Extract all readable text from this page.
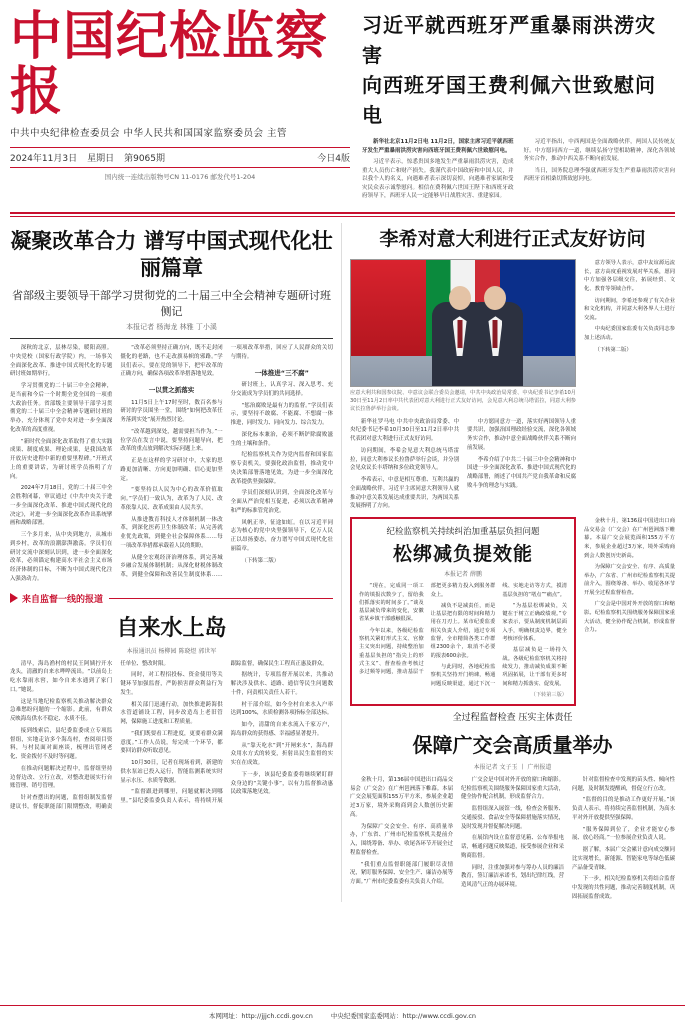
中国纪检监察报
中共中央纪律检查委员会 中华人民共和国国家监察委员会 主管
2024年11月3日 星期日 第9065期	今日4版
国内统一连续出版物号CN 11-0176 邮发代号1-204
习近平就西班牙严重暴雨洪涝灾害
向西班牙国王费利佩六世致慰问电

新华社北京11月2日电 11月2日，国家主席习近平就西班牙发生严重暴雨洪涝灾害向西班牙国王费利佩六世致慰问电。

习近平表示，惊悉贵国多地发生严重暴雨洪涝灾害，造成重大人员伤亡和财产损失。我谨代表中国政府和中国人民，并以我个人的名义，向遇难者表示深切哀悼，向遇难者家属和受灾民众表示诚挚慰问。相信在费利佩六世国王陛下和西班牙政府领导下，西班牙人民一定能够早日战胜灾害、重建家园。

习近平指出，中西两国是全面战略伙伴，两国人民传统友好。中方愿同西方一道，继续弘扬守望相助精神，深化各领域务实合作，推动中西关系不断向前发展。

当日，国务院总理李强就西班牙发生严重暴雨洪涝灾害向西班牙首相桑切斯致慰问电。

凝聚改革合力 谱写中国式现代化壮丽篇章
省部级主要领导干部学习贯彻党的二十届三中全会精神专题研讨班侧记
本报记者 杨海龙 林雅 丁小溪

深秋的北京，层林尽染，暖阳高照。中央党校（国家行政学院）内，一场事关全面深化改革、推进中国式现代化的专题研讨班如期举行。

学习贯彻党的二十届三中全会精神，是当前和今后一个时期全党全国的一项重大政治任务。省部级主要领导干部学习贯彻党的二十届三中全会精神专题研讨班的举办，充分体现了党中央对进一步全面深化改革的高度重视。

“新时代全面深化改革取得了重大实践成果、制度成果、理论成果，是我国改革开放历史进程中新的重要里程碑。”开班式上的重要讲话，为研讨班学员指明了方向。

2024年7月18日，党的二十届三中全会胜利闭幕，审议通过《中共中央关于进一步全面深化改革、推进中国式现代化的决定》，对进一步全面深化改革作出系统擘画和战略部署。

三个多月来，从中央到地方，从城市到乡村，改革的浪潮澎湃激荡。学员们在研讨交流中深刻认识到，进一步全面深化改革，必须锚定构建高水平社会主义市场经济体制的目标，不断为中国式现代化注入强劲动力。

“改革必须坚持正确方向，既不走封闭僵化的老路，也不走改旗易帜的邪路。”学员们表示，要在党的领导下，把牢改革的正确方向，确保各项改革举措落地见效。

一以贯之抓落实

11月5日上午17时至时，数百名参与研讨的学员围坐一堂，围绕“如何把改革任务落到实处”展开热烈讨论。

“改革越到深处，越需要担当作为。”一位学员在发言中说，要坚持问题导向，把改革的重点放到解决实际问题上来。

正是在这样的学习研讨中，大家的思路更加清晰、方向更加明确、信心更加坚定。

“要坚持以人民为中心的改革价值取向。”学员们一致认为，改革为了人民、改革依靠人民、改革成果由人民共享。

从推进教育科技人才体制机制一体改革，到深化医药卫生体制改革；从完善就业优先政策，到健全社会保障体系……每一项改革举措都承载着人民的期盼。

从健全宏观经济治理体系，到完善城乡融合发展体制机制；从深化财税体制改革，到健全保障和改善民生制度体系……一项项改革举措，回应了人民群众的关切与期待。

一体推进“三不腐”

研讨班上，认真学习、深入思考、充分交流成为学员们的共同选择。

“惩治腐败是最有力的监督。”学员们表示，要坚持不敢腐、不能腐、不想腐一体推进，同时发力、同向发力、综合发力。

深化标本兼治，必须不断铲除腐败滋生的土壤和条件。

纪检监察机关作为党内监督和国家监察专责机关，要强化政治监督，推动党中央决策部署落地见效，为进一步全面深化改革提供坚强保障。

学员们深刻认识到，全面深化改革与全面从严治党相互促进，必须以改革精神和严的标准管党治党。

风帆正举，征途如虹。在以习近平同志为核心的党中央坚强领导下，亿万人民正以昂扬姿态，奋力谱写中国式现代化壮丽篇章。

（下转第二版）

来自监督一线的报道
自来水上岛
本报通讯员 杨柳园 陈晓煜 郭世军

清早，海岛渔村的村民王阿姨拧开水龙头，清澈的自来水哗哗流出。“以前岛上吃水靠雨水窖，如今自来水通到了家门口。”她说。

这是当地纪检监察机关推动解决群众急难愁盼问题的一个缩影。此前，有群众反映海岛供水不稳定、水质不佳。

接到线索后，县纪委监委成立专项监督组，实地走访多个海岛村，查阅项目资料，与村民面对面座谈，梳理出管网老化、资金拨付不及时等问题。

在推动问题解决过程中，监督组坚持边督边改、立行立改，对整改进展实行台账管理、销号管理。

针对查摆出的问题，监督组制发监督建议书，督促职能部门限期整改，明确责任单位、整改时限。

同时，对工程招投标、资金使用等关键环节加强监督，严防损害群众利益行为发生。

相关部门迅速行动，加快推进跨海供水管道铺设工程，同步改造岛上老旧管网，保障施工进度和工程质量。

“我们既要看工程进度，更要看群众满意度。”工作人员说，每完成一个环节，都要回访群众听取意见。

10月30日，记者在现场看到，新建的供水泵站已投入运行，智能监测系统实时显示水压、水质等数据。

“监督跟进到哪里，问题就解决到哪里。”县纪委监委负责人表示，将持续开展跟踪监督，确保民生工程真正惠及群众。

据统计，专项监督开展以来，共推动解决涉及供水、道路、通信等民生问题数十件，问责相关责任人若干。

村干部介绍，如今全村自来水入户率达到100%，水质检测各项指标全部达标。

如今，清甜的自来水流入千家万户，海岛群众的获得感、幸福感显著提升。

从“靠天吃水”到“开闸来水”，海岛群众用水方式的转变，折射出民生监督的实实在在成效。

下一步，该县纪委监委将继续紧盯群众身边的“关键小事”，以有力监督推动惠民政策落地见效。

李希对意大利进行正式友好访问
应意大利共和国参议院、中意议会联合委员会邀请，中共中央政治局常委、中央纪委书记李希10月30日至11月2日率中共代表团对意大利进行正式友好访问，会见意大利总统马塔雷拉，同意大利参议长拉鲁萨举行会谈。

新华社罗马电 中共中央政治局常委、中央纪委书记李希10月30日至11月2日率中共代表团对意大利进行正式友好访问。

访问期间，李希会见意大利总统马塔雷拉，同意大利参议长拉鲁萨举行会谈，并分别会见众议长丰塔纳和多位政党领导人。

李希表示，中意是相互尊重、互利共赢的全面战略伙伴。习近平主席同意大利领导人就推动中意关系发展达成重要共识，为两国关系发展指明了方向。

中方愿同意方一道，落实好两国领导人重要共识，加强治国理政经验交流，深化各领域务实合作，推动中意全面战略伙伴关系不断向前发展。

李希介绍了中共二十届三中全会精神和中国进一步全面深化改革、推进中国式现代化的战略部署，阐述了中国共产党自我革命和反腐败斗争的理念与实践。

意方领导人表示，意中友谊源远流长，意方高度重视发展对华关系，愿同中方加强各层级交往，拓展经贸、文化、教育等领域合作。

访问期间，李希还参观了有关企业和文化机构，并同意大利各界人士进行交流。

中央纪委国家监委有关负责同志参加上述活动。

（下转第二版）

纪检监察机关持续纠治加重基层负担问题
松绑减负提效能
本报记者 薛鹏

“现在，完成同一项工作的填报次数少了，留给我们抓落实的时间多了。”谈及基层减负带来的变化，安徽省某乡镇干部感触很深。

今年以来，各级纪检监察机关紧盯形式主义、官僚主义突出问题，持续整治加重基层负担的“指尖上的形式主义”、督查检查考核过多过频等问题，推动基层干部把更多精力投入到服务群众上。

减负不是减责任，而是让基层把有限的时间和精力用在刀刃上。某市纪委监委相关负责人介绍，通过专项监督，全市精简各类工作群组2300余个，取消不必要的报表600余张。

与此同时，各地纪检监察机关坚持开门纳谏，畅通问题反映渠道，通过下沉一线、实地走访等方式，摸清基层负担的“堵点”“痛点”。

“为基层松绑减负，关键在于树立正确政绩观。”专家表示，要从制度机制层面入手，明确权责边界，健全考核评价体系。

基层减负是一场持久战。各级纪检监察机关将持续发力，推动减负成果不断巩固拓展，让干部有更多时间和精力抓落实、促发展。

（下转第三版）

金秋十月，第136届中国进出口商品交易会（广交会）在广州琶洲落下帷幕。本届广交会展览面积155万平方米，参展企业超过3万家，境外采购商到会人数创历史新高。

为保障广交会安全、有序、高质量举办，广东省、广州市纪检监察机关提前介入，围绕筹备、举办、收尾各环节开展全过程监督检查。

广交会是中国对外开放的窗口和缩影。纪检监察机关围绕服务保障国家重大活动，健全协作配合机制，形成监督合力。

全过程监督检查 压实主体责任
保障广交会高质量举办
本报记者 文子玉 丨 广州报道

金秋十月，第136届中国进出口商品交易会（广交会）在广州琶洲落下帷幕。本届广交会展览面积155万平方米，参展企业超过3万家，境外采购商到会人数创历史新高。

为保障广交会安全、有序、高质量举办，广东省、广州市纪检监察机关提前介入，围绕筹备、举办、收尾各环节开展全过程监督检查。

“我们重点监督职能部门履职尽责情况，紧盯服务保障、安全生产、廉洁办展等方面。”广州市纪委监委有关负责人介绍。

广交会是中国对外开放的窗口和缩影。纪检监察机关围绕服务保障国家重大活动，健全协作配合机制，形成监督合力。

监督组深入展馆一线，检查会务服务、交通接驳、食品安全等保障措施落实情况，及时发现并督促解决问题。

在展馆内设立监督意见箱、公布举报电话，畅通问题反映渠道，接受参展企业和采购商监督。

同时，注重加强对参与筹办人员的廉洁教育，签订廉洁承诺书，划出纪律红线，营造风清气正的办展环境。

针对监督检查中发现的苗头性、倾向性问题，及时制发提醒函，督促立行立改。

“监督的目的是推动工作更好开展。”该负责人表示，将持续完善监督机制，为高水平对外开放提供坚强保障。

“服务保障到位了，企业才能安心参展、放心经商。”一位参展企业负责人说。

据了解，本届广交会累计意向成交额同比实现增长，新能源、智能家电等绿色低碳产品备受青睐。

下一步，相关纪检监察机关将结合监督中发现的共性问题，推动完善制度机制，巩固拓展监督成效。

本网网址：http://jjjch.ccdi.gov.cn	中央纪委国家监委网站：http://www.ccdi.gov.cn
